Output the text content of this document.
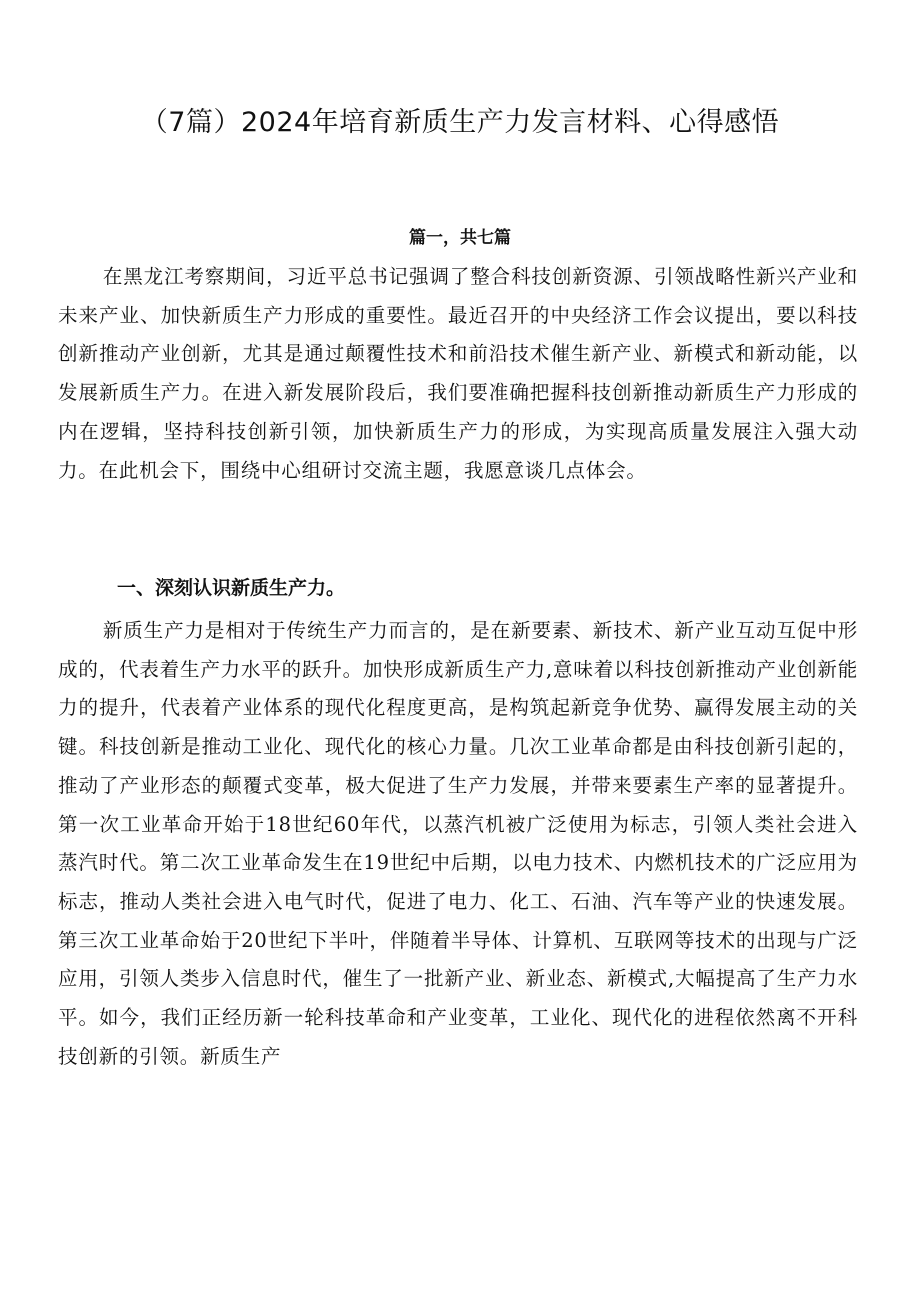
（7篇）2024年培育新质生产力发言材料、心得感悟
篇一，共七篇

在黑龙江考察期间，习近平总书记强调了整合科技创新资源、引领战略性新兴产业和未来产业、加快新质生产力形成的重要性。最近召开的中央经济工作会议提出，要以科技创新推动产业创新，尤其是通过颠覆性技术和前沿技术催生新产业、新模式和新动能，以发展新质生产力。在进入新发展阶段后，我们要准确把握科技创新推动新质生产力形成的内在逻辑，坚持科技创新引领，加快新质生产力的形成，为实现高质量发展注入强大动力。在此机会下，围绕中心组研讨交流主题，我愿意谈几点体会。

一、深刻认识新质生产力。

新质生产力是相对于传统生产力而言的，是在新要素、新技术、新产业互动互促中形成的，代表着生产力水平的跃升。加快形成新质生产力,意味着以科技创新推动产业创新能力的提升，代表着产业体系的现代化程度更高，是构筑起新竞争优势、赢得发展主动的关键。科技创新是推动工业化、现代化的核心力量。几次工业革命都是由科技创新引起的，推动了产业形态的颠覆式变革，极大促进了生产力发展，并带来要素生产率的显著提升。第一次工业革命开始于18世纪60年代，以蒸汽机被广泛使用为标志，引领人类社会进入蒸汽时代。第二次工业革命发生在19世纪中后期，以电力技术、内燃机技术的广泛应用为标志，推动人类社会进入电气时代，促进了电力、化工、石油、汽车等产业的快速发展。第三次工业革命始于20世纪下半叶，伴随着半导体、计算机、互联网等技术的出现与广泛应用，引领人类步入信息时代，催生了一批新产业、新业态、新模式,大幅提高了生产力水平。如今，我们正经历新一轮科技革命和产业变革，工业化、现代化的进程依然离不开科技创新的引领。新质生产
